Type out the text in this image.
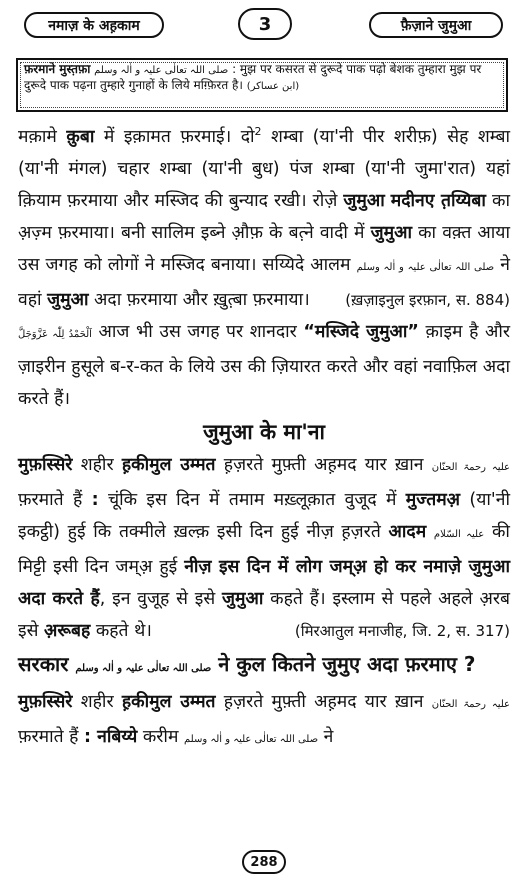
नमाज़ के अह़काम	3	फ़ैज़ाने जुमुआ
फ़रमाने मुस्त़फ़ा صلی اللہ تعالٰی علیہ و اٰلہ وسلم : मुझ पर कसरत से दुरूदे पाक पढ़ो बेशक तुम्हारा मुझ पर दुरूदे पाक पढ़ना तुम्हारे गुनाहों के लिये मग़्फ़िरत है। (ابن عساکر)

मक़ामे क़ुबा में इक़ामत फ़रमाई। दो$^2$ शम्बा (या'नी पीर शरीफ़) सेह शम्बा (या'नी मंगल) चहार शम्बा (या'नी बुध) पंज शम्बा (या'नी जुमा'रात) यहां क़ियाम फ़रमाया और मस्जिद की बुन्याद रखी। रोज़े जुमुआ मदीनए त़य्यिबा का अ़ज़्म फ़रमाया। बनी सालिम इब्ने औ़फ़ के बत़्ने वादी में जुमुआ का वक़्त आया उस जगह को लोगों ने मस्जिद बनाया। सय्यिदे आलम صلی اللہ تعالٰی علیہ و اٰلہ وسلم ने वहां जुमुआ अदा फ़रमाया और ख़ुत़्बा फ़रमाया। (ख़ज़ाइनुल इरफ़ान, स. 884)

اَلْحَمْدُ لِلّٰہ عَزَّوَجَلَّ आज भी उस जगह पर शानदार “मस्जिदे जुमुआ” क़ाइम है और ज़ाइरीन हुसूले ब-र-कत के लिये उस की ज़ियारत करते और वहां नवाफ़िल अदा करते हैं।

जुमुआ के मा'ना

मुफ़स्सिरे शहीर ह़कीमुल उम्मत ह़ज़रते मुफ़्ती अह़मद यार ख़ान علیہ رحمۃ الحنّان फ़रमाते हैं : चूंकि इस दिन में तमाम मख़्लूक़ात वुजूद में मुज्तमअ़ (या'नी इकट्ठी) हुई कि तक्मीले ख़ल्क़ इसी दिन हुई नीज़ ह़ज़रते आदम علیہ السّلام की मिट्टी इसी दिन जम्अ़ हुई नीज़ इस दिन में लोग जम्अ़ हो कर नमाज़े जुमुआ अदा करते हैं, इन वुजूह से इसे जुमुआ कहते हैं। इस्लाम से पहले अहले अ़रब इसे अ़रूबह कहते थे।	(मिरआतुल मनाजीह, जि. 2, स. 317)

सरकार صلی اللہ تعالٰی علیہ و اٰلہ وسلم ने कुल कितने जुमुए अदा फ़रमाए ?

मुफ़स्सिरे शहीर ह़कीमुल उम्मत ह़ज़रते मुफ़्ती अह़मद यार ख़ान علیہ رحمۃ الحنّان फ़रमाते हैं : नबिय्ये करीम صلی اللہ تعالٰی علیہ و اٰلہ وسلم ने

288
